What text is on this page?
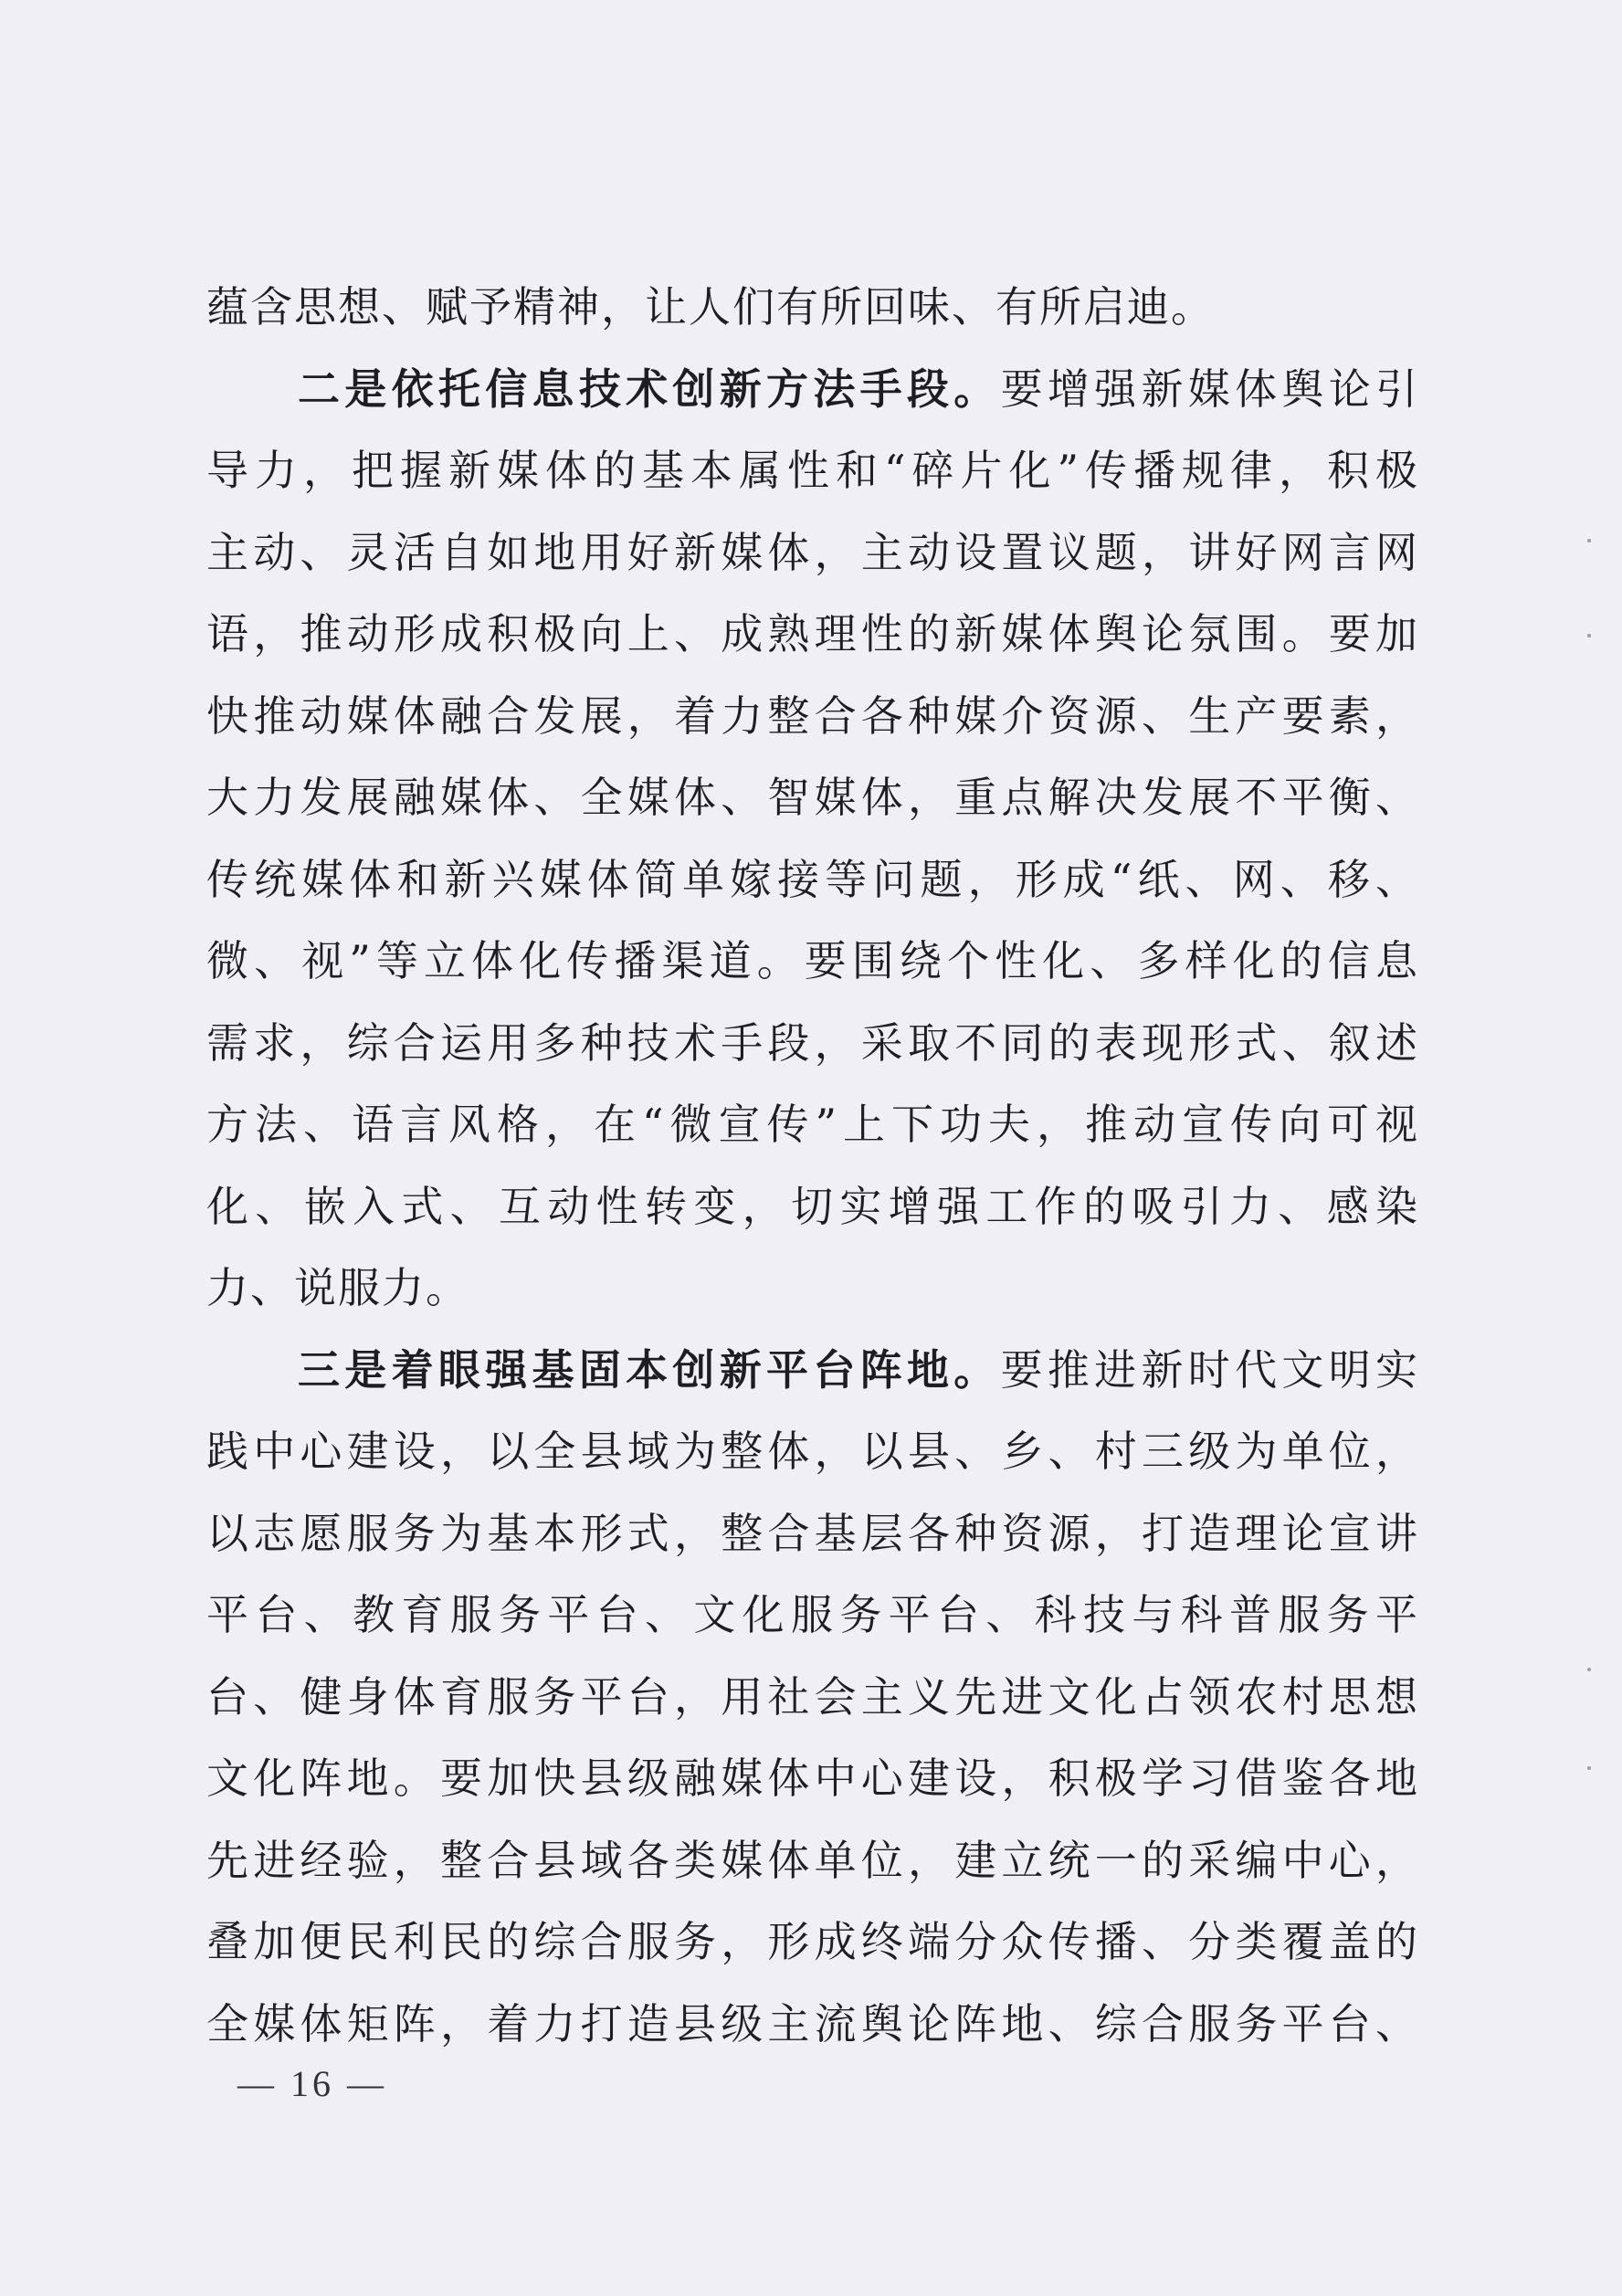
蕴含思想、赋予精神，让人们有所回味、有所启迪。
二是依托信息技术创新方法手段。要增强新媒体舆论引
导力，把握新媒体的基本属性和“碎片化”传播规律，积极
主动、灵活自如地用好新媒体，主动设置议题，讲好网言网
语，推动形成积极向上、成熟理性的新媒体舆论氛围。要加
快推动媒体融合发展，着力整合各种媒介资源、生产要素，
大力发展融媒体、全媒体、智媒体，重点解决发展不平衡、
传统媒体和新兴媒体简单嫁接等问题，形成“纸、网、移、
微、视”等立体化传播渠道。要围绕个性化、多样化的信息
需求，综合运用多种技术手段，采取不同的表现形式、叙述
方法、语言风格，在“微宣传”上下功夫，推动宣传向可视
化、嵌入式、互动性转变，切实增强工作的吸引力、感染
力、说服力。
三是着眼强基固本创新平台阵地。要推进新时代文明实
践中心建设，以全县域为整体，以县、乡、村三级为单位，
以志愿服务为基本形式，整合基层各种资源，打造理论宣讲
平台、教育服务平台、文化服务平台、科技与科普服务平
台、健身体育服务平台，用社会主义先进文化占领农村思想
文化阵地。要加快县级融媒体中心建设，积极学习借鉴各地
先进经验，整合县域各类媒体单位，建立统一的采编中心，
叠加便民利民的综合服务，形成终端分众传播、分类覆盖的
全媒体矩阵，着力打造县级主流舆论阵地、综合服务平台、
— 16 —
